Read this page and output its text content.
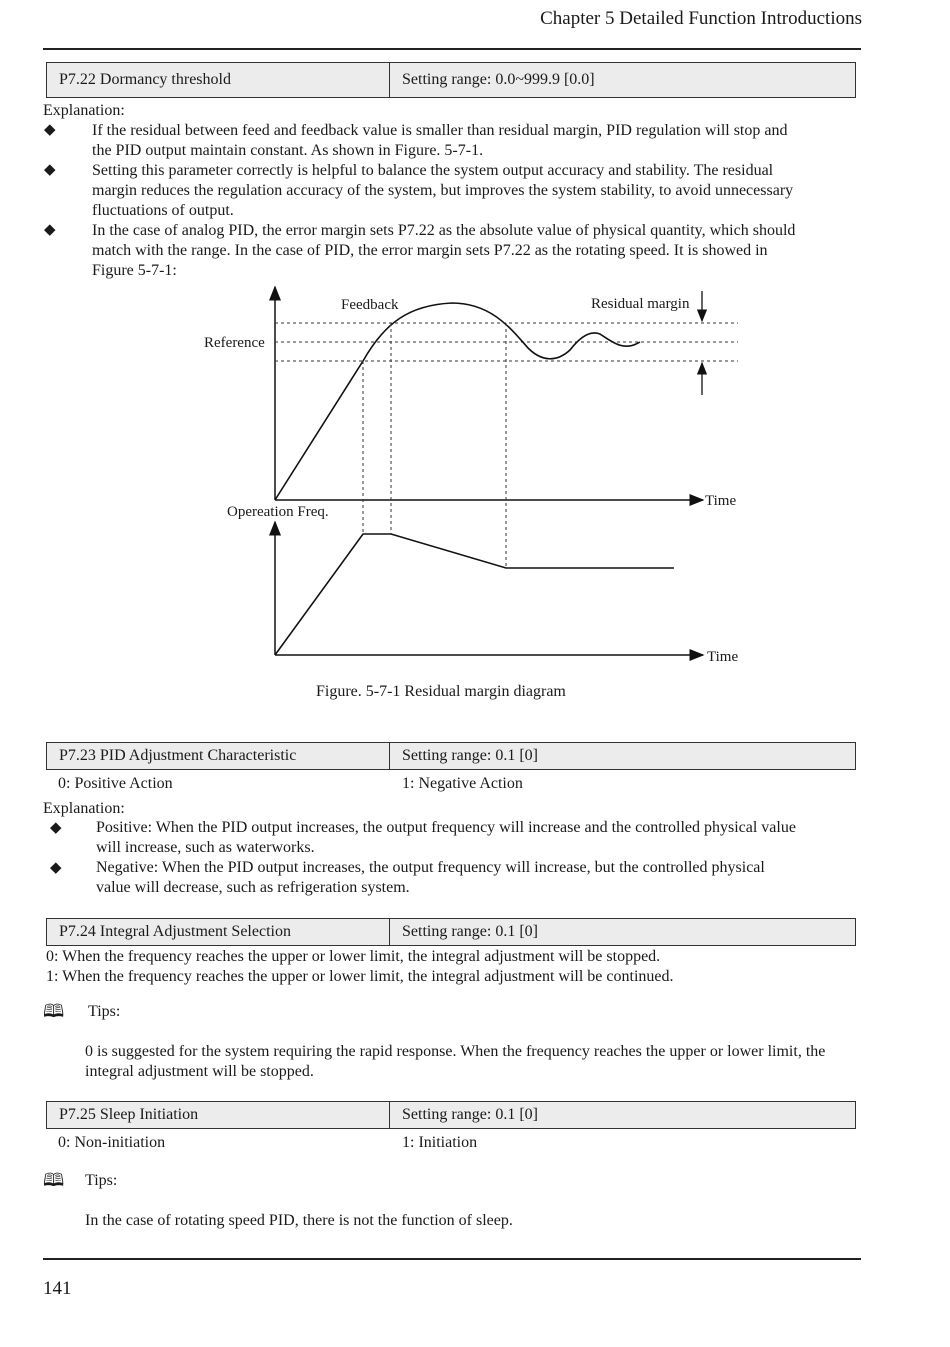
Chapter 5 Detailed Function Introductions
P7.22 Dormancy threshold	Setting range: 0.0~999.9 [0.0]
Explanation:
◆ If the residual between feed and feedback value is smaller than residual margin, PID regulation will stop and
the PID output maintain constant. As shown in Figure. 5-7-1.
◆ Setting this parameter correctly is helpful to balance the system output accuracy and stability. The residual
margin reduces the regulation accuracy of the system, but improves the system stability, to avoid unnecessary
fluctuations of output.
◆ In the case of analog PID, the error margin sets P7.22 as the absolute value of physical quantity, which should
match with the range. In the case of PID, the error margin sets P7.22 as the rotating speed. It is showed in
Figure 5-7-1:
Feedback	Residual margin
Reference
Time
Opereation Freq.
Time
Figure. 5-7-1 Residual margin diagram
P7.23 PID Adjustment Characteristic	Setting range: 0.1 [0]
0: Positive Action	1: Negative Action
Explanation:
◆ Positive: When the PID output increases, the output frequency will increase and the controlled physical value
will increase, such as waterworks.
◆ Negative: When the PID output increases, the output frequency will increase, but the controlled physical
value will decrease, such as refrigeration system.
P7.24 Integral Adjustment Selection	Setting range: 0.1 [0]
0: When the frequency reaches the upper or lower limit, the integral adjustment will be stopped.
1: When the frequency reaches the upper or lower limit, the integral adjustment will be continued.
🕮 Tips:
0 is suggested for the system requiring the rapid response. When the frequency reaches the upper or lower limit, the
integral adjustment will be stopped.
P7.25 Sleep Initiation	Setting range: 0.1 [0]
0: Non-initiation	1: Initiation
🕮 Tips:
In the case of rotating speed PID, there is not the function of sleep.
141
